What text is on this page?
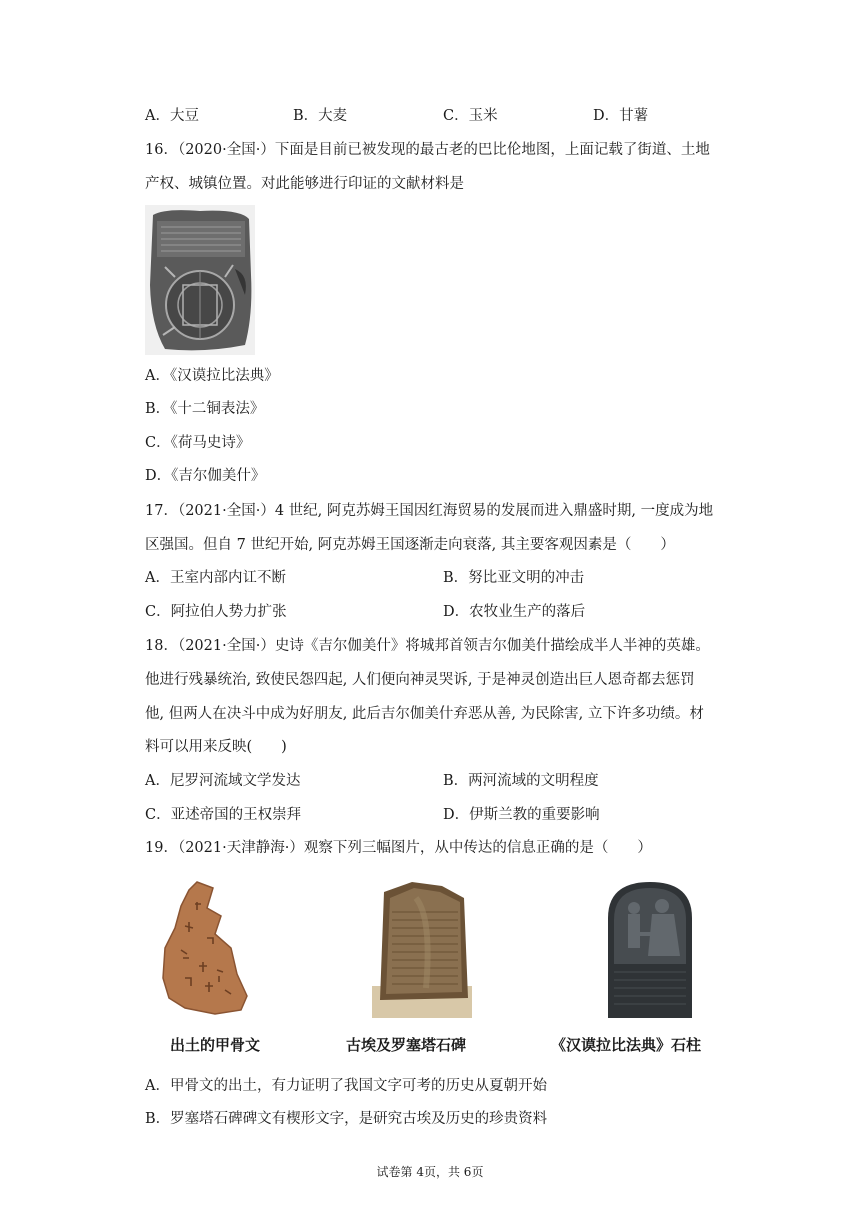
A．大豆	B．大麦	C．玉米	D．甘薯
16．（2020·全国·）下面是目前已被发现的最古老的巴比伦地图，上面记载了街道、土地
产权、城镇位置。对此能够进行印证的文献材料是
A．《汉谟拉比法典》
B．《十二铜表法》
C．《荷马史诗》
D．《吉尔伽美什》
17．（2021·全国·）4 世纪, 阿克苏姆王国因红海贸易的发展而进入鼎盛时期, 一度成为地
区强国。但自 7 世纪开始, 阿克苏姆王国逐渐走向衰落, 其主要客观因素是（　　）
A．王室内部内讧不断	B．努比亚文明的冲击
C．阿拉伯人势力扩张	D．农牧业生产的落后
18．（2021·全国·）史诗《吉尔伽美什》将城邦首领吉尔伽美什描绘成半人半神的英雄。
他进行残暴统治, 致使民怨四起, 人们便向神灵哭诉, 于是神灵创造出巨人恩奇都去惩罚
他, 但两人在决斗中成为好朋友, 此后吉尔伽美什弃恶从善, 为民除害, 立下许多功绩。材
料可以用来反映(　　)
A．尼罗河流域文学发达	B．两河流域的文明程度
C．亚述帝国的王权崇拜	D．伊斯兰教的重要影响
19．（2021·天津静海·）观察下列三幅图片，从中传达的信息正确的是（　　）
出土的甲骨文	古埃及罗塞塔石碑	《汉谟拉比法典》石柱
A．甲骨文的出土，有力证明了我国文字可考的历史从夏朝开始
B．罗塞塔石碑碑文有楔形文字，是研究古埃及历史的珍贵资料
试卷第 4页，共 6页
